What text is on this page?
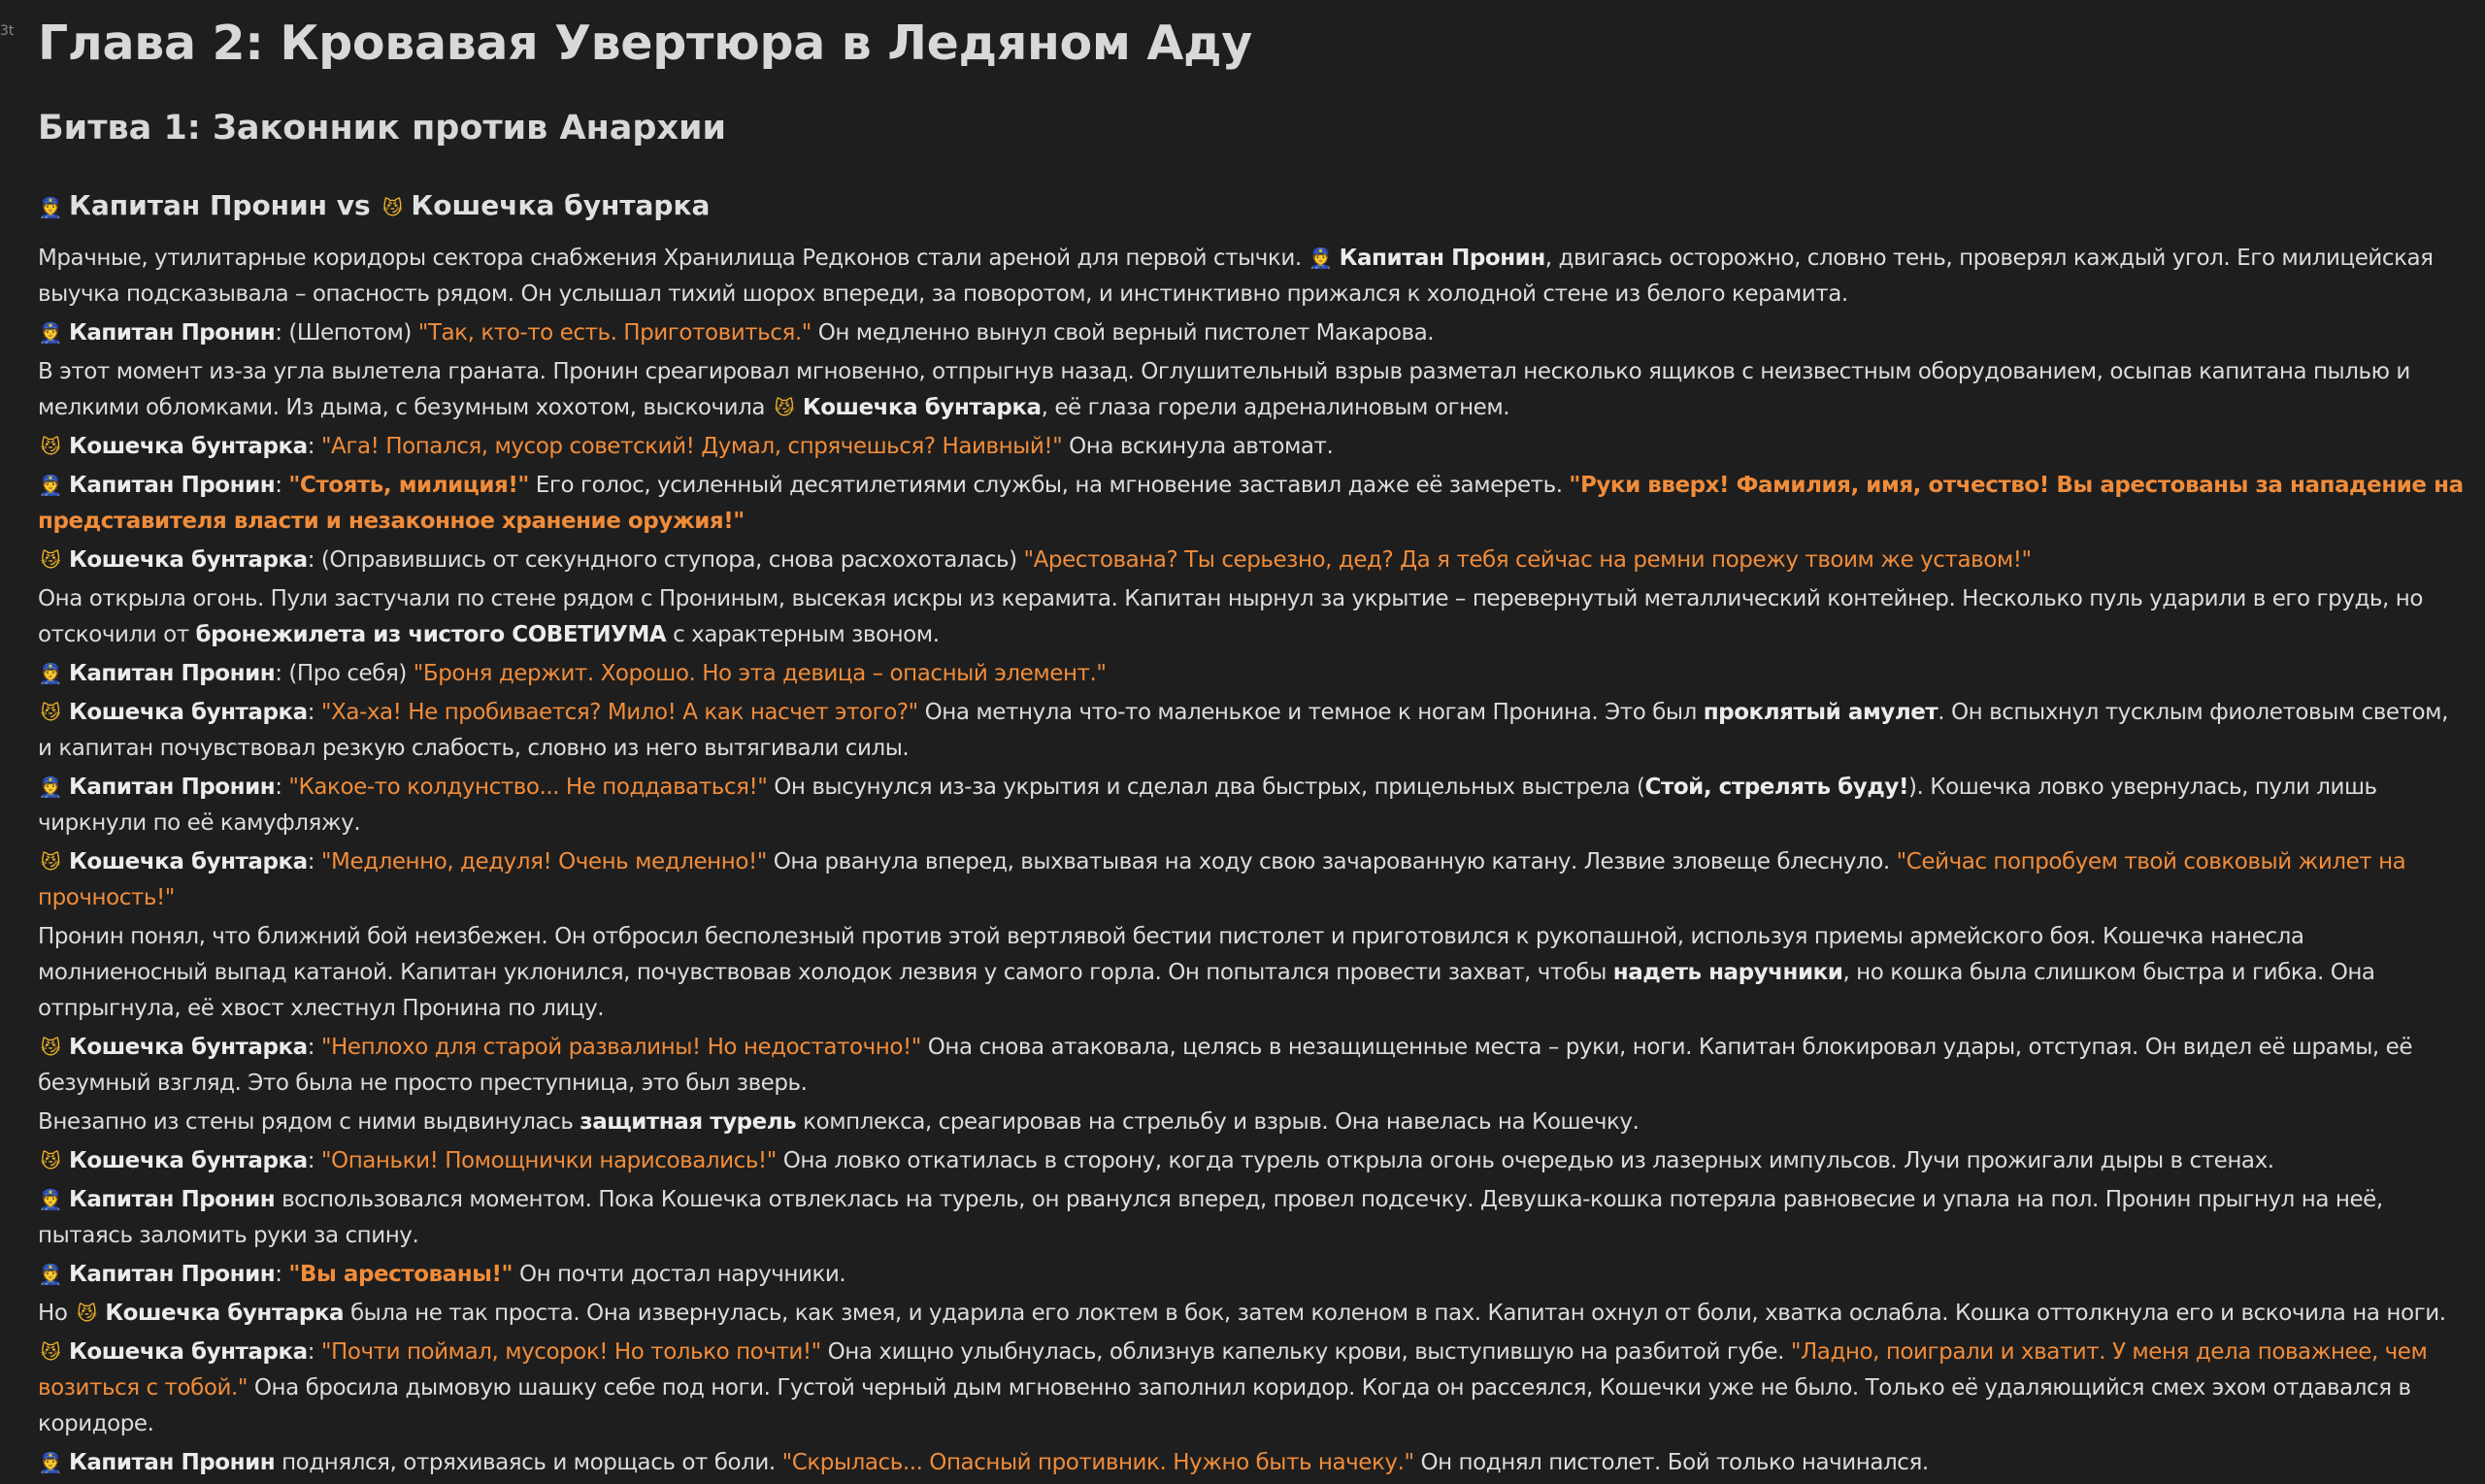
3t Глава 2: Кровавая Увертюра в Ледяном Аду
Битва 1: Законник против Анархии
👮 Капитан Пронин vs 😼 Кошечка бунтарка

Мрачные, утилитарные коридоры сектора снабжения Хранилища Редконов стали ареной для первой стычки. 👮 Капитан Пронин, двигаясь осторожно, словно тень, проверял каждый угол. Его милицейская выучка подсказывала – опасность рядом. Он услышал тихий шорох впереди, за поворотом, и инстинктивно прижался к холодной стене из белого керамита.

👮 Капитан Пронин: (Шепотом) "Так, кто-то есть. Приготовиться." Он медленно вынул свой верный пистолет Макарова.

В этот момент из-за угла вылетела граната. Пронин среагировал мгновенно, отпрыгнув назад. Оглушительный взрыв разметал несколько ящиков с неизвестным оборудованием, осыпав капитана пылью и мелкими обломками. Из дыма, с безумным хохотом, выскочила 😼 Кошечка бунтарка, её глаза горели адреналиновым огнем.

😼 Кошечка бунтарка: "Ага! Попался, мусор советский! Думал, спрячешься? Наивный!" Она вскинула автомат.

👮 Капитан Пронин: "Стоять, милиция!" Его голос, усиленный десятилетиями службы, на мгновение заставил даже её замереть. "Руки вверх! Фамилия, имя, отчество! Вы арестованы за нападение на представителя власти и незаконное хранение оружия!"

😼 Кошечка бунтарка: (Оправившись от секундного ступора, снова расхохоталась) "Арестована? Ты серьезно, дед? Да я тебя сейчас на ремни порежу твоим же уставом!"

Она открыла огонь. Пули застучали по стене рядом с Прониным, высекая искры из керамита. Капитан нырнул за укрытие – перевернутый металлический контейнер. Несколько пуль ударили в его грудь, но отскочили от бронежилета из чистого СОВЕТИУМА с характерным звоном.

👮 Капитан Пронин: (Про себя) "Броня держит. Хорошо. Но эта девица – опасный элемент."

😼 Кошечка бунтарка: "Ха-ха! Не пробивается? Мило! А как насчет этого?" Она метнула что-то маленькое и темное к ногам Пронина. Это был проклятый амулет. Он вспыхнул тусклым фиолетовым светом, и капитан почувствовал резкую слабость, словно из него вытягивали силы.

👮 Капитан Пронин: "Какое-то колдунство... Не поддаваться!" Он высунулся из-за укрытия и сделал два быстрых, прицельных выстрела (Стой, стрелять буду!). Кошечка ловко увернулась, пули лишь чиркнули по её камуфляжу.

😼 Кошечка бунтарка: "Медленно, дедуля! Очень медленно!" Она рванула вперед, выхватывая на ходу свою зачарованную катану. Лезвие зловеще блеснуло. "Сейчас попробуем твой совковый жилет на прочность!"

Пронин понял, что ближний бой неизбежен. Он отбросил бесполезный против этой вертлявой бестии пистолет и приготовился к рукопашной, используя приемы армейского боя. Кошечка нанесла молниеносный выпад катаной. Капитан уклонился, почувствовав холодок лезвия у самого горла. Он попытался провести захват, чтобы надеть наручники, но кошка была слишком быстра и гибка. Она отпрыгнула, её хвост хлестнул Пронина по лицу.

😼 Кошечка бунтарка: "Неплохо для старой развалины! Но недостаточно!" Она снова атаковала, целясь в незащищенные места – руки, ноги. Капитан блокировал удары, отступая. Он видел её шрамы, её безумный взгляд. Это была не просто преступница, это был зверь.

Внезапно из стены рядом с ними выдвинулась защитная турель комплекса, среагировав на стрельбу и взрыв. Она навелась на Кошечку.

😼 Кошечка бунтарка: "Опаньки! Помощнички нарисовались!" Она ловко откатилась в сторону, когда турель открыла огонь очередью из лазерных импульсов. Лучи прожигали дыры в стенах.

👮 Капитан Пронин воспользовался моментом. Пока Кошечка отвлеклась на турель, он рванулся вперед, провел подсечку. Девушка-кошка потеряла равновесие и упала на пол. Пронин прыгнул на неё, пытаясь заломить руки за спину.

👮 Капитан Пронин: "Вы арестованы!" Он почти достал наручники.

Но 😼 Кошечка бунтарка была не так проста. Она извернулась, как змея, и ударила его локтем в бок, затем коленом в пах. Капитан охнул от боли, хватка ослабла. Кошка оттолкнула его и вскочила на ноги.

😼 Кошечка бунтарка: "Почти поймал, мусорок! Но только почти!" Она хищно улыбнулась, облизнув капельку крови, выступившую на разбитой губе. "Ладно, поиграли и хватит. У меня дела поважнее, чем возиться с тобой." Она бросила дымовую шашку себе под ноги. Густой черный дым мгновенно заполнил коридор. Когда он рассеялся, Кошечки уже не было. Только её удаляющийся смех эхом отдавался в коридоре.

👮 Капитан Пронин поднялся, отряхиваясь и морщась от боли. "Скрылась... Опасный противник. Нужно быть начеку." Он поднял пистолет. Бой только начинался.
